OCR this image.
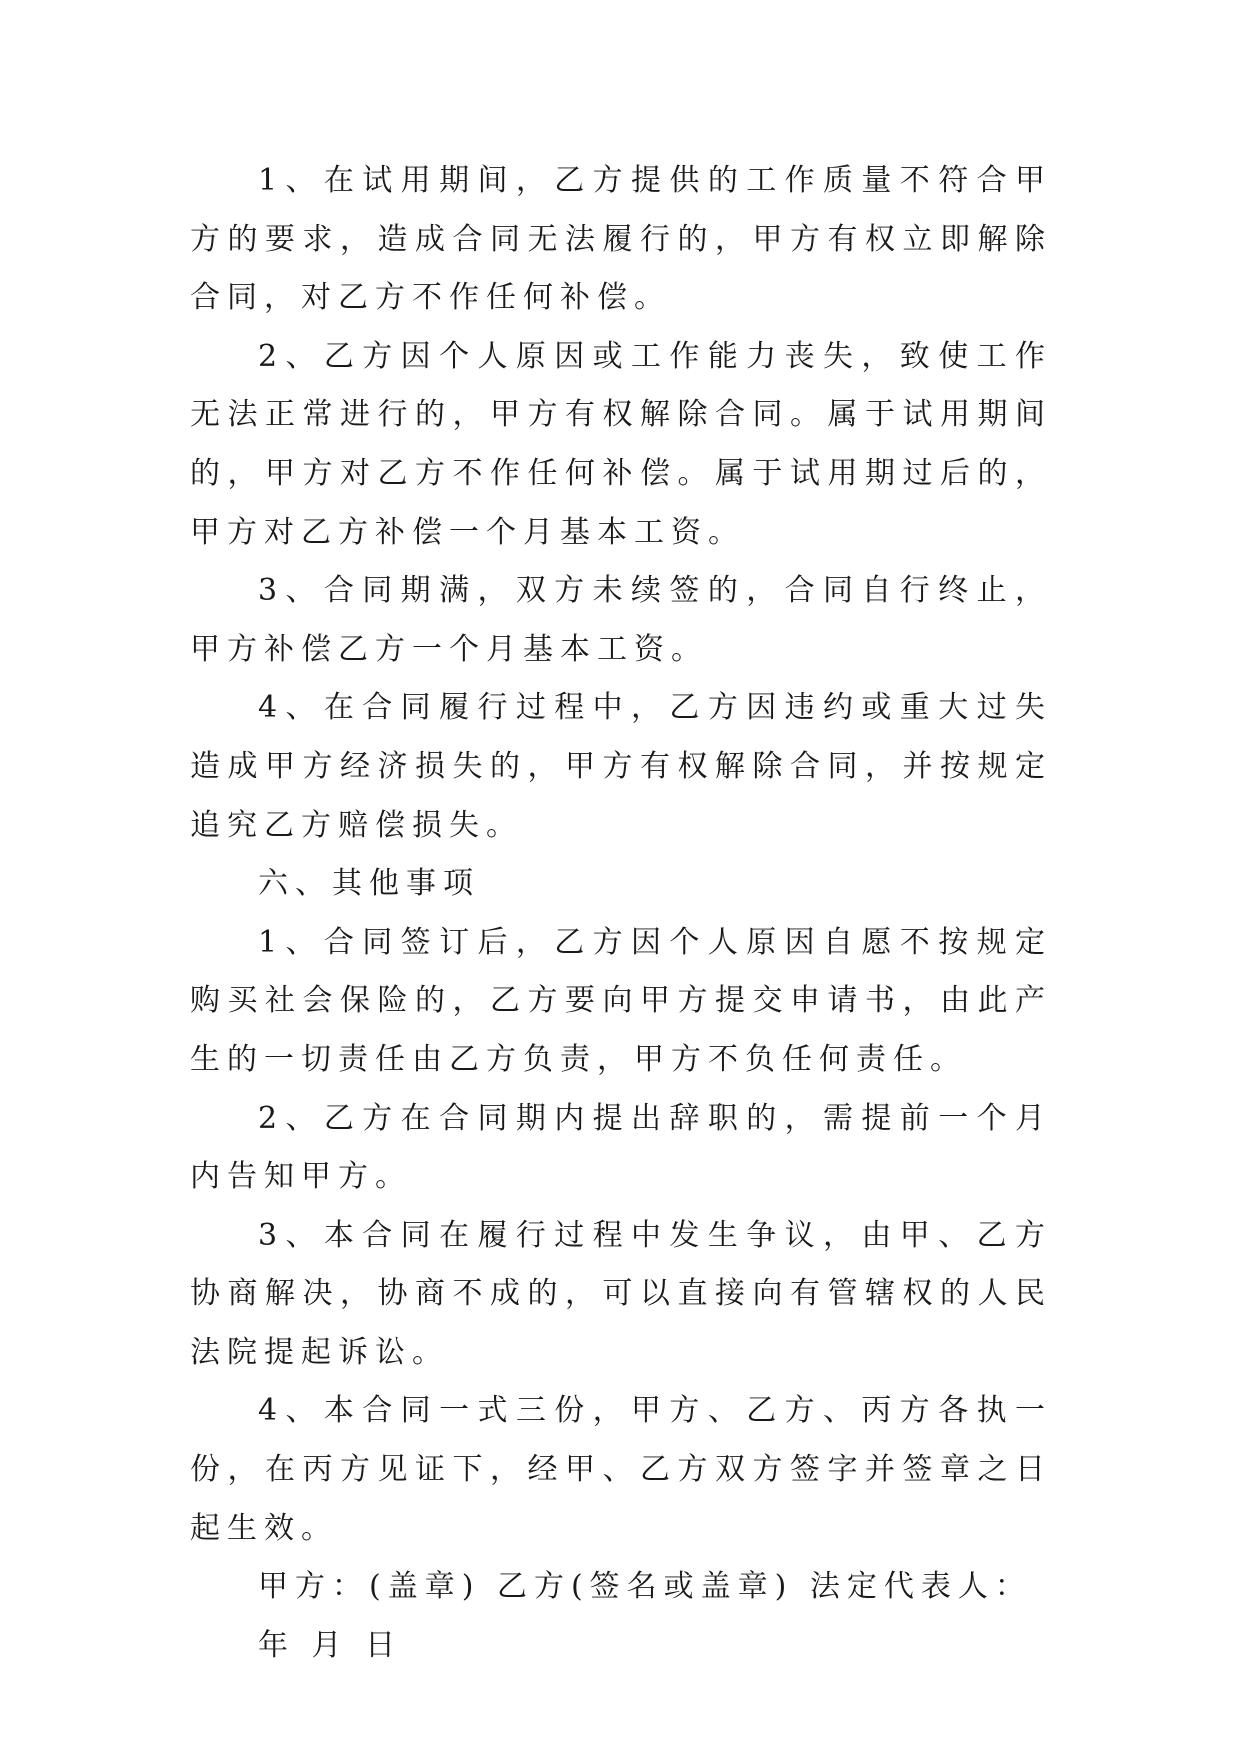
1、在试用期间，乙方提供的工作质量不符合甲方的要求，造成合同无法履行的，甲方有权立即解除合同，对乙方不作任何补偿。

2、乙方因个人原因或工作能力丧失，致使工作无法正常进行的，甲方有权解除合同。属于试用期间的，甲方对乙方不作任何补偿。属于试用期过后的，甲方对乙方补偿一个月基本工资。

3、合同期满，双方未续签的，合同自行终止，甲方补偿乙方一个月基本工资。

4、在合同履行过程中，乙方因违约或重大过失造成甲方经济损失的，甲方有权解除合同，并按规定追究乙方赔偿损失。

六、其他事项

1、合同签订后，乙方因个人原因自愿不按规定购买社会保险的，乙方要向甲方提交申请书，由此产生的一切责任由乙方负责，甲方不负任何责任。

2、乙方在合同期内提出辞职的，需提前一个月内告知甲方。

3、本合同在履行过程中发生争议，由甲、乙方协商解决，协商不成的，可以直接向有管辖权的人民法院提起诉讼。

4、本合同一式三份，甲方、乙方、丙方各执一份，在丙方见证下，经甲、乙方双方签字并签章之日起生效。

甲方：(盖章) 乙方(签名或盖章) 法定代表人：

年 月 日
